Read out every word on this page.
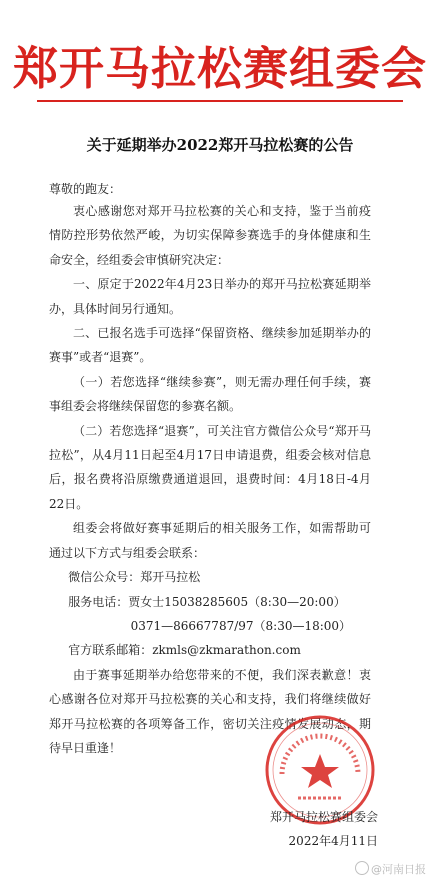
郑开马拉松赛组委会
关于延期举办2022郑开马拉松赛的公告
尊敬的跑友：

衷心感谢您对郑开马拉松赛的关心和支持，鉴于当前疫情防控形势依然严峻，为切实保障参赛选手的身体健康和生命安全，经组委会审慎研究决定：

一、原定于2022年4月23日举办的郑开马拉松赛延期举办，具体时间另行通知。

二、已报名选手可选择“保留资格、继续参加延期举办的赛事”或者“退赛”。

（一）若您选择“继续参赛”，则无需办理任何手续，赛事组委会将继续保留您的参赛名额。

（二）若您选择“退赛”，可关注官方微信公众号“郑开马拉松”，从4月11日起至4月17日申请退费，组委会核对信息后，报名费将沿原缴费通道退回，退费时间：4月18日-4月22日。

组委会将做好赛事延期后的相关服务工作，如需帮助可通过以下方式与组委会联系：

微信公众号：郑开马拉松

服务电话：贾女士15038285605（8:30—20:00）

0371—86667787/97（8:30—18:00）

官方联系邮箱：zkmls@zkmarathon.com

由于赛事延期举办给您带来的不便，我们深表歉意！衷心感谢各位对郑开马拉松赛的关心和支持，我们将继续做好郑开马拉松赛的各项筹备工作，密切关注疫情发展动态，期待早日重逢！

郑开马拉松赛组委会
2022年4月11日
@河南日报
